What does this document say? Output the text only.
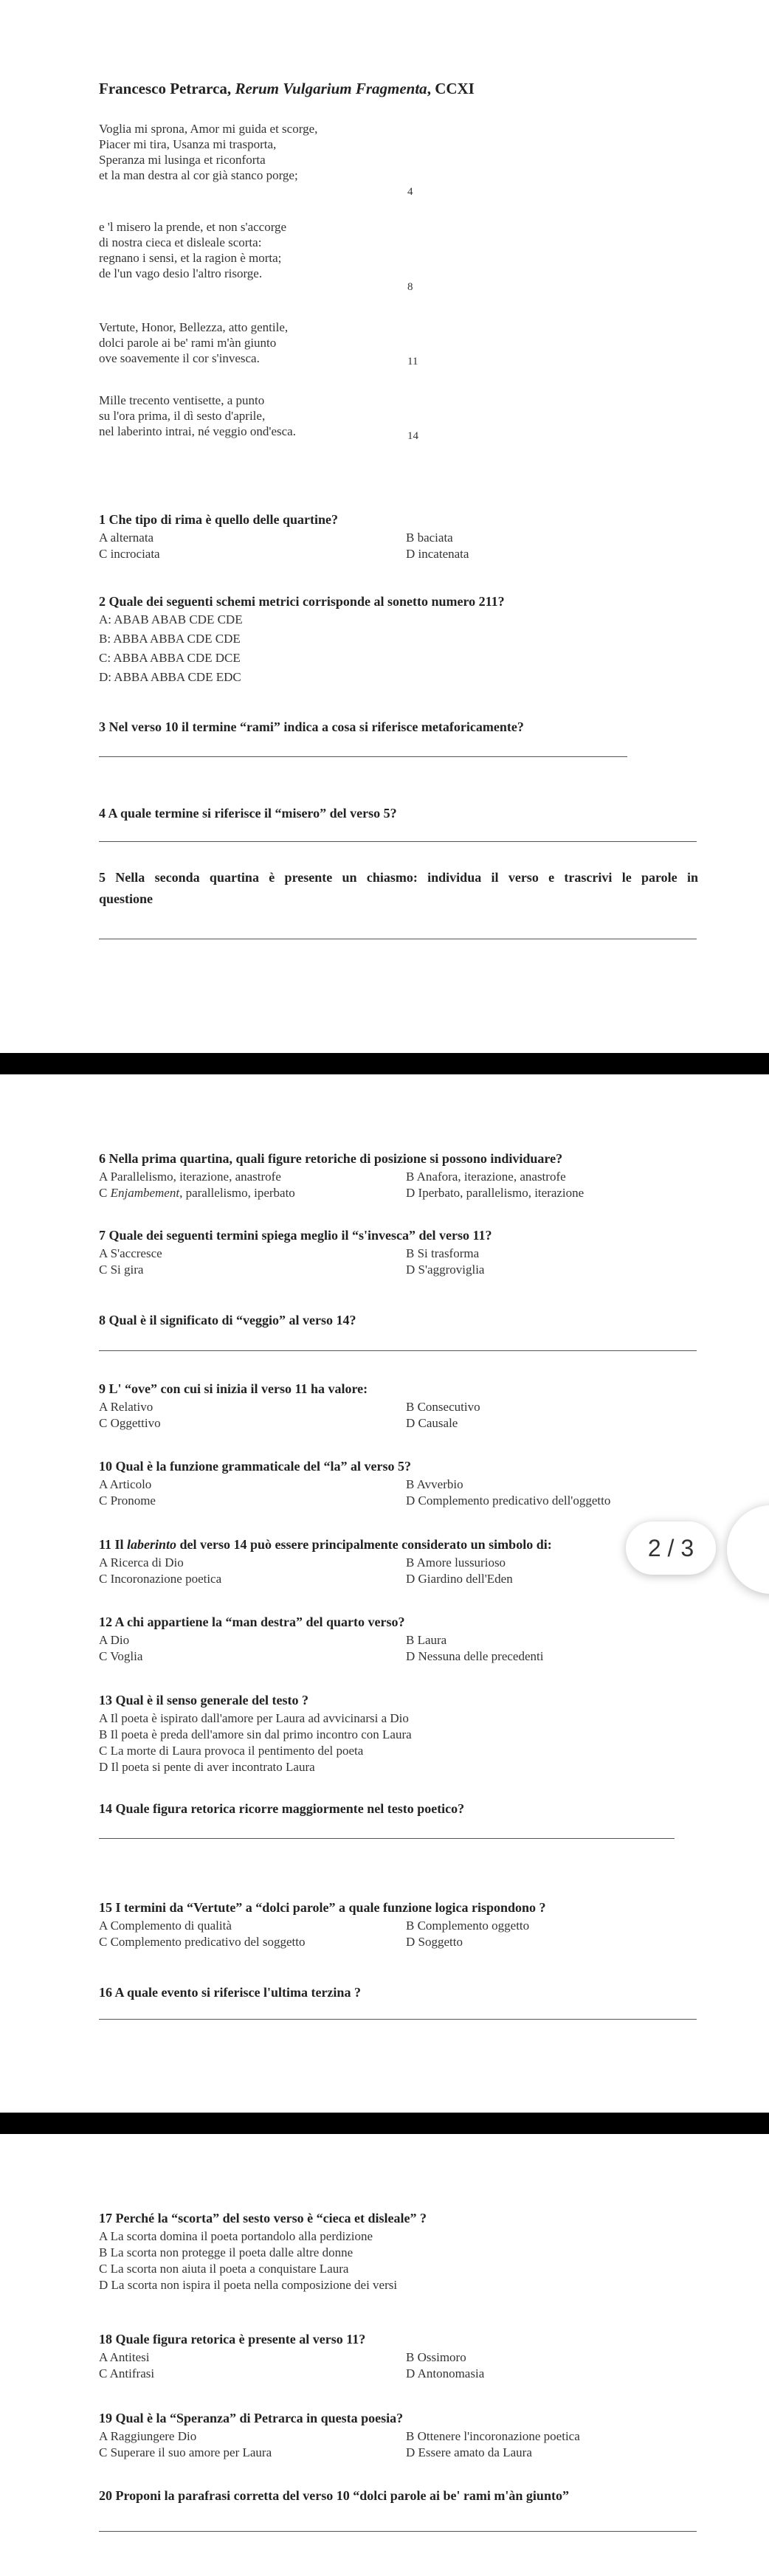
Francesco Petrarca, Rerum Vulgarium Fragmenta, CCXI
Voglia mi sprona, Amor mi guida et scorge,
Piacer mi tira, Usanza mi trasporta,
Speranza mi lusinga et riconforta
et la man destra al cor già stanco porge;
4
e 'l misero la prende, et non s'accorge
di nostra cieca et disleale scorta:
regnano i sensi, et la ragion è morta;
de l'un vago desio l'altro risorge.
8
Vertute, Honor, Bellezza, atto gentile,
dolci parole ai be' rami m'àn giunto
ove soavemente il cor s'invesca.	11
Mille trecento ventisette, a punto
su l'ora prima, il dì sesto d'aprile,
nel laberinto intrai, né veggio ond'esca.	14
1 Che tipo di rima è quello delle quartine?
A alternata	B baciata
C incrociata	D incatenata
2 Quale dei seguenti schemi metrici corrisponde al sonetto numero 211?
A: ABAB ABAB CDE CDE
B: ABBA ABBA CDE CDE
C: ABBA ABBA CDE DCE
D: ABBA ABBA CDE EDC
3 Nel verso 10 il termine “rami” indica a cosa si riferisce metaforicamente?
4 A quale termine si riferisce il “misero” del verso 5?
5 Nella seconda quartina è presente un chiasmo: individua il verso e trascrivi le parole in
questione
6 Nella prima quartina, quali figure retoriche di posizione si possono individuare?
A Parallelismo, iterazione, anastrofe	B Anafora, iterazione, anastrofe
C Enjambement, parallelismo, iperbato	D Iperbato, parallelismo, iterazione
7 Quale dei seguenti termini spiega meglio il “s'invesca” del verso 11?
A S'accresce	B Si trasforma
C Si gira	D S'aggroviglia
8 Qual è il significato di “veggio” al verso 14?
9 L' “ove” con cui si inizia il verso 11 ha valore:
A Relativo	B Consecutivo
C Oggettivo	D Causale
10 Qual è la funzione grammaticale del “la” al verso 5?
A Articolo	B Avverbio
C Pronome	D Complemento predicativo dell'oggetto
11 Il laberinto del verso 14 può essere principalmente considerato un simbolo di:
A Ricerca di Dio	B Amore lussurioso
C Incoronazione poetica	D Giardino dell'Eden
12 A chi appartiene la “man destra” del quarto verso?
A Dio	B Laura
C Voglia	D Nessuna delle precedenti
13 Qual è il senso generale del testo ?
A Il poeta è ispirato dall'amore per Laura ad avvicinarsi a Dio
B Il poeta è preda dell'amore sin dal primo incontro con Laura
C La morte di Laura provoca il pentimento del poeta
D Il poeta si pente di aver incontrato Laura
14 Quale figura retorica ricorre maggiormente nel testo poetico?
15 I termini da “Vertute” a “dolci parole” a quale funzione logica rispondono ?
A Complemento di qualità	B Complemento oggetto
C Complemento predicativo del soggetto	D Soggetto
16 A quale evento si riferisce l'ultima terzina ?
17 Perché la “scorta” del sesto verso è “cieca et disleale” ?
A La scorta domina il poeta portandolo alla perdizione
B La scorta non protegge il poeta dalle altre donne
C La scorta non aiuta il poeta a conquistare Laura
D La scorta non ispira il poeta nella composizione dei versi
18 Quale figura retorica è presente al verso 11?
A Antitesi	B Ossimoro
C Antifrasi	D Antonomasia
19 Qual è la “Speranza” di Petrarca in questa poesia?
A Raggiungere Dio	B Ottenere l'incoronazione poetica
C Superare il suo amore per Laura	D Essere amato da Laura
20 Proponi la parafrasi corretta del verso 10 “dolci parole ai be' rami m'àn giunto”
2 / 3
